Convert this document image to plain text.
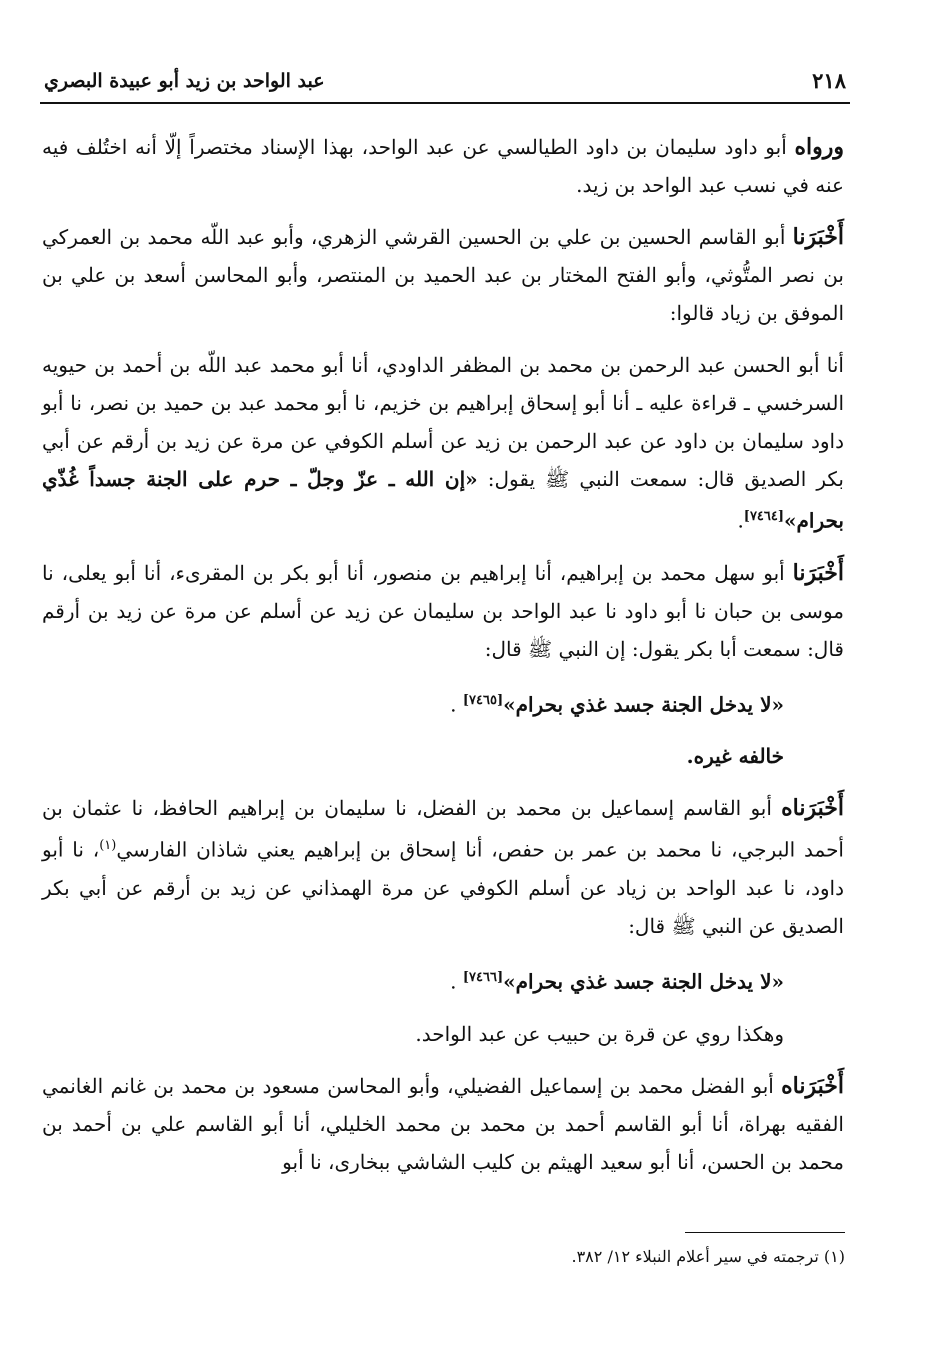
٢١٨
عبد الواحد بن زيد أبو عبيدة البصري

ورواه أبو داود سليمان بن داود الطيالسي عن عبد الواحد، بهذا الإسناد مختصراً إلّا أنه اختُلف فيه عنه في نسب عبد الواحد بن زيد.

أَخْبَرَنا أبو القاسم الحسين بن علي بن الحسين القرشي الزهري، وأبو عبد اللّه محمد بن العمركي بن نصر المتُّوثي، وأبو الفتح المختار بن عبد الحميد بن المنتصر، وأبو المحاسن أسعد بن علي بن الموفق بن زياد قالوا:

أنا أبو الحسن عبد الرحمن بن محمد بن المظفر الداودي، أنا أبو محمد عبد اللّه بن أحمد بن حيويه السرخسي ـ قراءة عليه ـ أنا أبو إسحاق إبراهيم بن خزيم، نا أبو محمد عبد بن حميد بن نصر، نا أبو داود سليمان بن داود عن عبد الرحمن بن زيد عن أسلم الكوفي عن مرة عن زيد بن أرقم عن أبي بكر الصديق قال: سمعت النبي ﷺ يقول: «إن الله ـ عزّ وجلّ ـ حرم على الجنة جسداً غُذّي بحرام»[٧٤٦٤].

أَخْبَرَنا أبو سهل محمد بن إبراهيم، أنا إبراهيم بن منصور، أنا أبو بكر بن المقرىء، أنا أبو يعلى، نا موسى بن حبان نا أبو داود نا عبد الواحد بن سليمان عن زيد عن أسلم عن مرة عن زيد بن أرقم قال: سمعت أبا بكر يقول: إن النبي ﷺ قال:

«لا يدخل الجنة جسد غذي بحرام»[٧٤٦٥] .

خالفه غيره.

أَخْبَرَناه أبو القاسم إسماعيل بن محمد بن الفضل، نا سليمان بن إبراهيم الحافظ، نا عثمان بن أحمد البرجي، نا محمد بن عمر بن حفص، أنا إسحاق بن إبراهيم يعني شاذان الفارسي$^{(١)}$، نا أبو داود، نا عبد الواحد بن زياد عن أسلم الكوفي عن مرة الهمذاني عن زيد بن أرقم عن أبي بكر الصديق عن النبي ﷺ قال:

«لا يدخل الجنة جسد غذي بحرام»[٧٤٦٦] .

وهكذا روي عن قرة بن حبيب عن عبد الواحد.

أَخْبَرَناه أبو الفضل محمد بن إسماعيل الفضيلي، وأبو المحاسن مسعود بن محمد بن غانم الغانمي الفقيه بهراة، أنا أبو القاسم أحمد بن محمد بن محمد الخليلي، أنا أبو القاسم علي بن أحمد بن محمد بن الحسن، أنا أبو سعيد الهيثم بن كليب الشاشي ببخارى، نا أبو

(١) ترجمته في سير أعلام النبلاء ١٢/ ٣٨٢.
